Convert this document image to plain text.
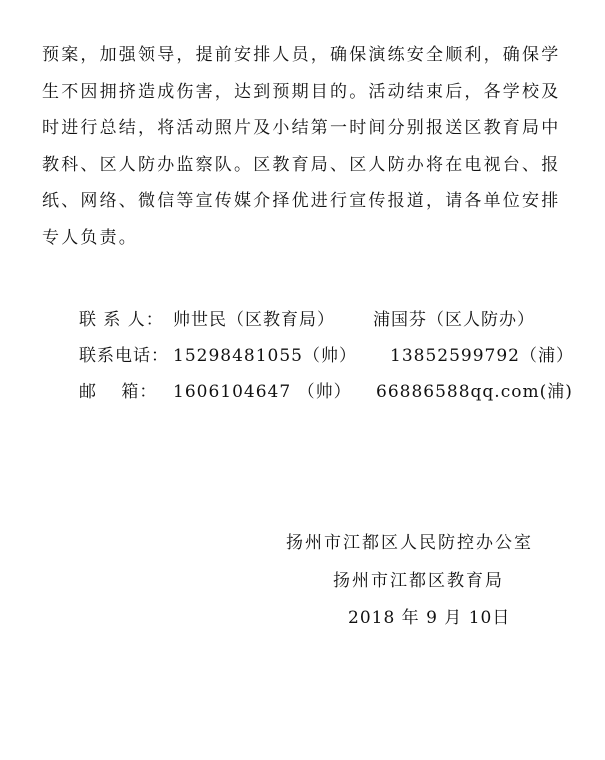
预案，加强领导，提前安排人员，确保演练安全顺利，确保学
生不因拥挤造成伤害，达到预期目的。活动结束后，各学校及
时进行总结，将活动照片及小结第一时间分别报送区教育局中
教科、区人防办监察队。区教育局、区人防办将在电视台、报
纸、网络、微信等宣传媒介择优进行宣传报道，请各单位安排
专人负责。
联 系 人： 帅世民（区教育局） 浦国芬（区人防办）
联系电话： 15298481055（帅） 13852599792（浦）
邮　 箱： 1606104647 （帅） 66886588qq.com(浦)
扬州市江都区人民防控办公室
扬州市江都区教育局
2018 年 9 月 10日
